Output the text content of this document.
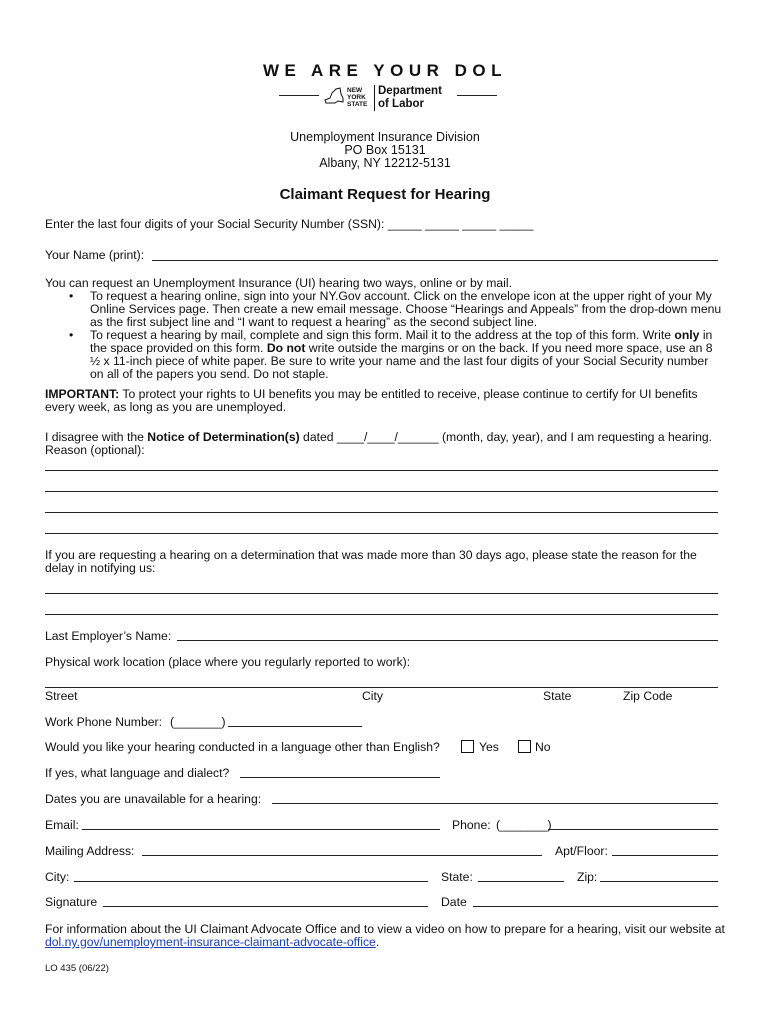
WE ARE YOUR DOL
NEW
YORK
STATE
Department
of Labor
Unemployment Insurance Division
PO Box 15131
Albany, NY 12212-5131
Claimant Request for Hearing
Enter the last four digits of your Social Security Number (SSN): _____ _____ _____ _____
Your Name (print):
You can request an Unemployment Insurance (UI) hearing two ways, online or by mail.
• To request a hearing online, sign into your NY.Gov account. Click on the envelope icon at the upper right of your My Online Services page. Then create a new email message. Choose “Hearings and Appeals” from the drop-down menu as the first subject line and “I want to request a hearing” as the second subject line.
• To request a hearing by mail, complete and sign this form. Mail it to the address at the top of this form. Write only in the space provided on this form. Do not write outside the margins or on the back. If you need more space, use an 8 ½ x 11-inch piece of white paper. Be sure to write your name and the last four digits of your Social Security number on all of the papers you send. Do not staple.
IMPORTANT: To protect your rights to UI benefits you may be entitled to receive, please continue to certify for UI benefits every week, as long as you are unemployed.
I disagree with the Notice of Determination(s) dated ____/____/______ (month, day, year), and I am requesting a hearing. Reason (optional):
If you are requesting a hearing on a determination that was made more than 30 days ago, please state the reason for the delay in notifying us:
Last Employer’s Name:
Physical work location (place where you regularly reported to work):
Street	City	State	Zip Code
Work Phone Number: (_______)
Would you like your hearing conducted in a language other than English?	Yes	No
If yes, what language and dialect?
Dates you are unavailable for a hearing:
Email:	Phone: (_______)
Mailing Address:	Apt/Floor:
City:	State:	Zip:
Signature	Date
For information about the UI Claimant Advocate Office and to view a video on how to prepare for a hearing, visit our website at dol.ny.gov/unemployment-insurance-claimant-advocate-office.
LO 435 (06/22)
